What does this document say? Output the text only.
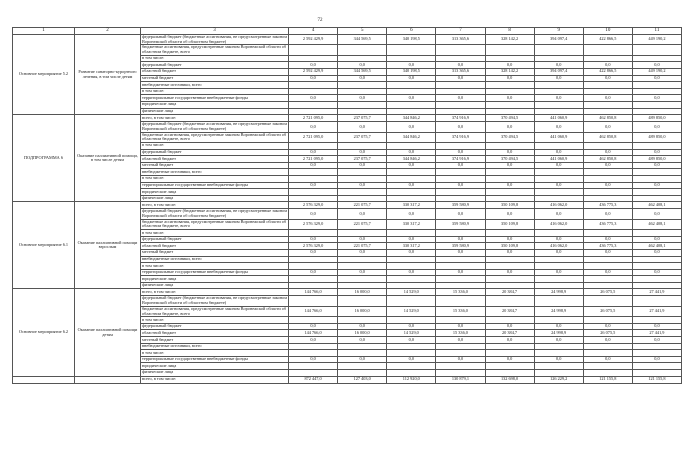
72
1	2	3	4	5	6	7	8	9	10	11
Основное мероприятие 5.2	Развитие санаторно-курортного лечения, в том числе детям	федеральный бюджет (бюджетные ассигнования, не предусмотренные законом Воронежской области об областном бюджете)	2 592 429,9	344 569,5	340 198,5	313 365,6	328 142,2	394 097,4	422 866,5	449 190,2
		бюджетные ассигнования, предусмотренные законом Воронежской области об областном бюджете, всего								
		в том числе:								
		федеральный бюджет	0,0	0,0	0,0	0,0	0,0	0,0	0,0	0,0
		областной бюджет	2 592 429,9	344 569,5	340 198,5	313 365,6	328 142,2	394 097,4	422 866,5	449 190,2
		местный бюджет	0,0	0,0	0,0	0,0	0,0	0,0	0,0	0,0
		внебюджетные источники, всего								
		в том числе:								
		территориальные государственные внебюджетные фонды	0,0	0,0	0,0	0,0	0,0	0,0	0,0	0,0
		юридические лица								
		физические лица								
ПОДПРОГРАММА 6	Оказание паллиативной помощи, в том числе детям	всего, в том числе:	2 721 095,0	237 075,7	344 846,2	374 916,9	370 494,5	441 060,9	462 850,8	489 850,0
		федеральный бюджет (бюджетные ассигнования, не предусмотренные законом Воронежской области об областном бюджете)	0,0	0,0	0,0	0,0	0,0	0,0	0,0	0,0
		бюджетные ассигнования, предусмотренные законом Воронежской области об областном бюджете, всего	2 721 095,0	237 075,7	344 846,2	374 916,9	370 494,5	441 060,9	462 850,8	489 850,0
		в том числе:								
		федеральный бюджет	0,0	0,0	0,0	0,0	0,0	0,0	0,0	0,0
		областной бюджет	2 721 095,0	237 075,7	344 846,2	374 916,9	370 494,5	441 060,9	462 850,8	489 850,0
		местный бюджет	0,0	0,0	0,0	0,0	0,0	0,0	0,0	0,0
		внебюджетные источники, всего								
		в том числе:								
		территориальные государственные внебюджетные фонды	0,0	0,0	0,0	0,0	0,0	0,0	0,0	0,0
		юридические лица								
		физические лица								
Основное мероприятие 6.1	Оказание паллиативной помощи взрослым	всего, в том числе:	2 576 329,0	221 075,7	330 317,2	359 580,9	350 109,8	416 062,0	436 775,3	462 408,1
		федеральный бюджет (бюджетные ассигнования, не предусмотренные законом Воронежской области об областном бюджете)	0,0	0,0	0,0	0,0	0,0	0,0	0,0	0,0
		бюджетные ассигнования, предусмотренные законом Воронежской области об областном бюджете, всего	2 576 329,0	221 075,7	330 317,2	359 580,9	350 109,8	416 062,0	436 775,3	462 408,1
		в том числе:								
		федеральный бюджет	0,0	0,0	0,0	0,0	0,0	0,0	0,0	0,0
		областной бюджет	2 576 329,0	221 075,7	330 317,2	359 580,9	350 109,8	416 062,0	436 775,3	462 408,1
		местный бюджет	0,0	0,0	0,0	0,0	0,0	0,0	0,0	0,0
		внебюджетные источники, всего								
		в том числе:								
		территориальные государственные внебюджетные фонды	0,0	0,0	0,0	0,0	0,0	0,0	0,0	0,0
		юридические лица								
		физические лица								
Основное мероприятие 6.2	Оказание паллиативной помощи детям	всего, в том числе:	144 766,0	16 000,0	14 529,0	15 336,0	20 384,7	24 998,9	26 075,5	27 441,9
		федеральный бюджет (бюджетные ассигнования, не предусмотренные законом Воронежской области об областном бюджете)								
		бюджетные ассигнования, предусмотренные законом Воронежской области об областном бюджете, всего	144 766,0	16 000,0	14 529,0	15 336,0	20 384,7	24 998,9	26 075,5	27 441,9
		в том числе:								
		федеральный бюджет	0,0	0,0	0,0	0,0	0,0	0,0	0,0	0,0
		областной бюджет	144 766,0	16 000,0	14 529,0	15 336,0	20 384,7	24 998,9	26 075,5	27 441,9
		местный бюджет	0,0	0,0	0,0	0,0	0,0	0,0	0,0	0,0
		внебюджетные источники, всего								
		в том числе:								
		территориальные государственные внебюджетные фонды	0,0	0,0	0,0	0,0	0,0	0,0	0,0	0,0
		юридические лица								
		физические лица								
		всего, в том числе:	872 447,0	127 403,0	112 920,0	130 879,1	132 698,0	126 229,2	121 155,8	121 155,8
